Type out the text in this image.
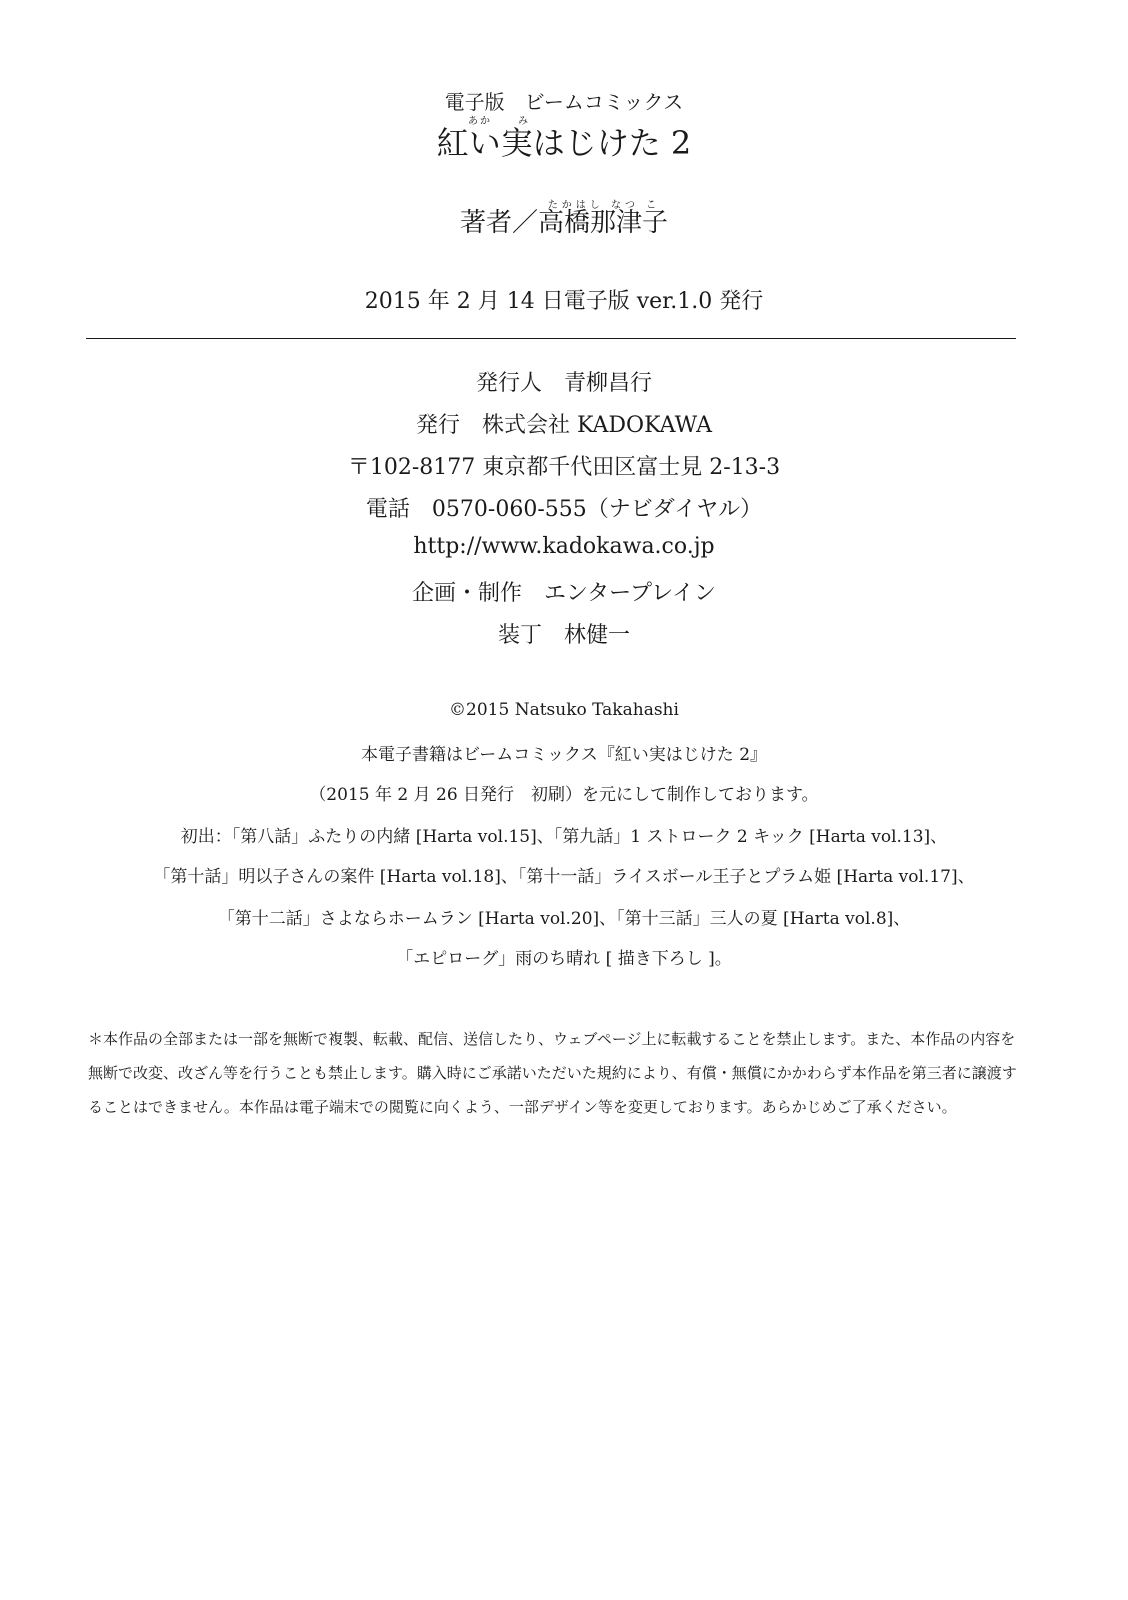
電子版　ビームコミックス
あか	み
紅い実はじけた 2
たかはし なつ こ
著者／高橋那津子
2015 年 2 月 14 日電子版 ver.1.0 発行
発行人　青柳昌行
発行　株式会社 KADOKAWA
〒102-8177 東京都千代田区富士見 2-13-3
電話　0570-060-555（ナビダイヤル）
http://www.kadokawa.co.jp
企画・制作　エンタープレイン
装丁　林健一
©2015 Natsuko Takahashi
本電子書籍はビームコミックス『紅い実はじけた 2』
（2015 年 2 月 26 日発行　初刷）を元にして制作しております。
初出：「第八話」ふたりの内緒 [Harta vol.15]、「第九話」1 ストローク 2 キック [Harta vol.13]、
「第十話」明以子さんの案件 [Harta vol.18]、「第十一話」ライスボール王子とプラム姫 [Harta vol.17]、
「第十二話」さよならホームラン [Harta vol.20]、「第十三話」三人の夏 [Harta vol.8]、
「エピローグ」雨のち晴れ [ 描き下ろし ]。
＊本作品の全部または一部を無断で複製、転載、配信、送信したり、ウェブページ上に転載することを禁止します。また、本作品の内容を無断で改変、改ざん等を行うことも禁止します。購入時にご承諾いただいた規約により、有償・無償にかかわらず本作品を第三者に譲渡することはできません。本作品は電子端末での閲覧に向くよう、一部デザイン等を変更しております。あらかじめご了承ください。
